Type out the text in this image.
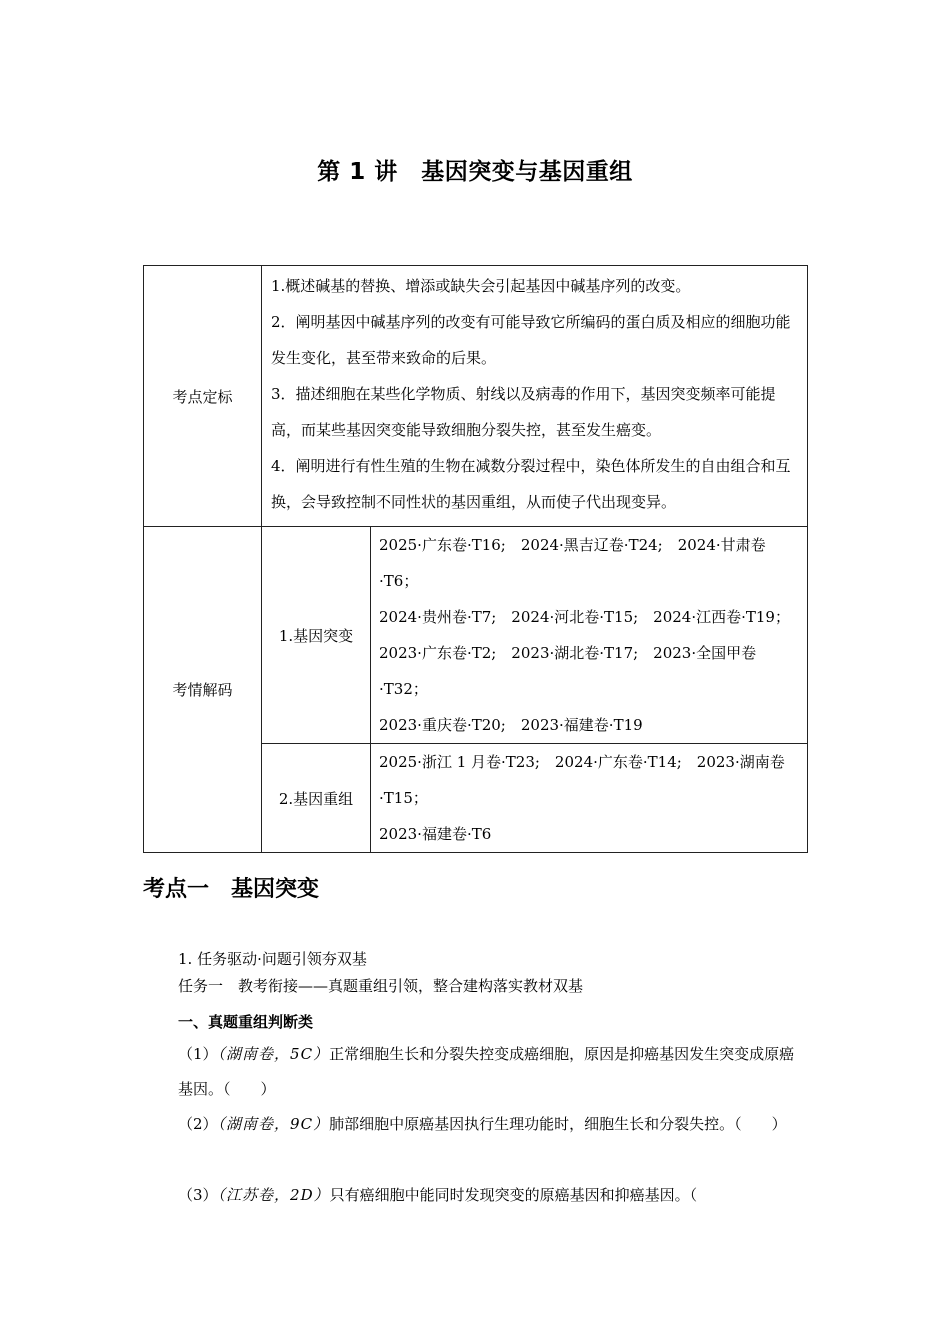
第 1 讲　基因突变与基因重组
考点定标	1.概述碱基的替换、增添或缺失会引起基因中碱基序列的改变。

2．阐明基因中碱基序列的改变有可能导致它所编码的蛋白质及相应的细胞功能发生变化，甚至带来致命的后果。

3．描述细胞在某些化学物质、射线以及病毒的作用下，基因突变频率可能提高，而某些基因突变能导致细胞分裂失控，甚至发生癌变。

4．阐明进行有性生殖的生物在减数分裂过程中，染色体所发生的自由组合和互换，会导致控制不同性状的基因重组，从而使子代出现变异。	

考情解码	1.基因突变	2025·广东卷·T16;　2024·黑吉辽卷·T24;　2024·甘肃卷·T6；

2024·贵州卷·T7;　2024·河北卷·T15;　2024·江西卷·T19；

2023·广东卷·T2;　2023·湖北卷·T17;　2023·全国甲卷·T32；

2023·重庆卷·T20;　2023·福建卷·T19

	2.基因重组	2025·浙江 1 月卷·T23;　2024·广东卷·T14;　2023·湖南卷·T15；

2023·福建卷·T6

考点一　基因突变
1. 任务驱动·问题引领夯双基
任务一　教考衔接——真题重组引领，整合建构落实教材双基
一、真题重组判断类
（1）（湖南卷，5C）正常细胞生长和分裂失控变成癌细胞，原因是抑癌基因发生突变成原癌基因。（　　）
（2）（湖南卷，9C）肺部细胞中原癌基因执行生理功能时，细胞生长和分裂失控。（　　）
（3）（江苏卷，2D）只有癌细胞中能同时发现突变的原癌基因和抑癌基因。（
